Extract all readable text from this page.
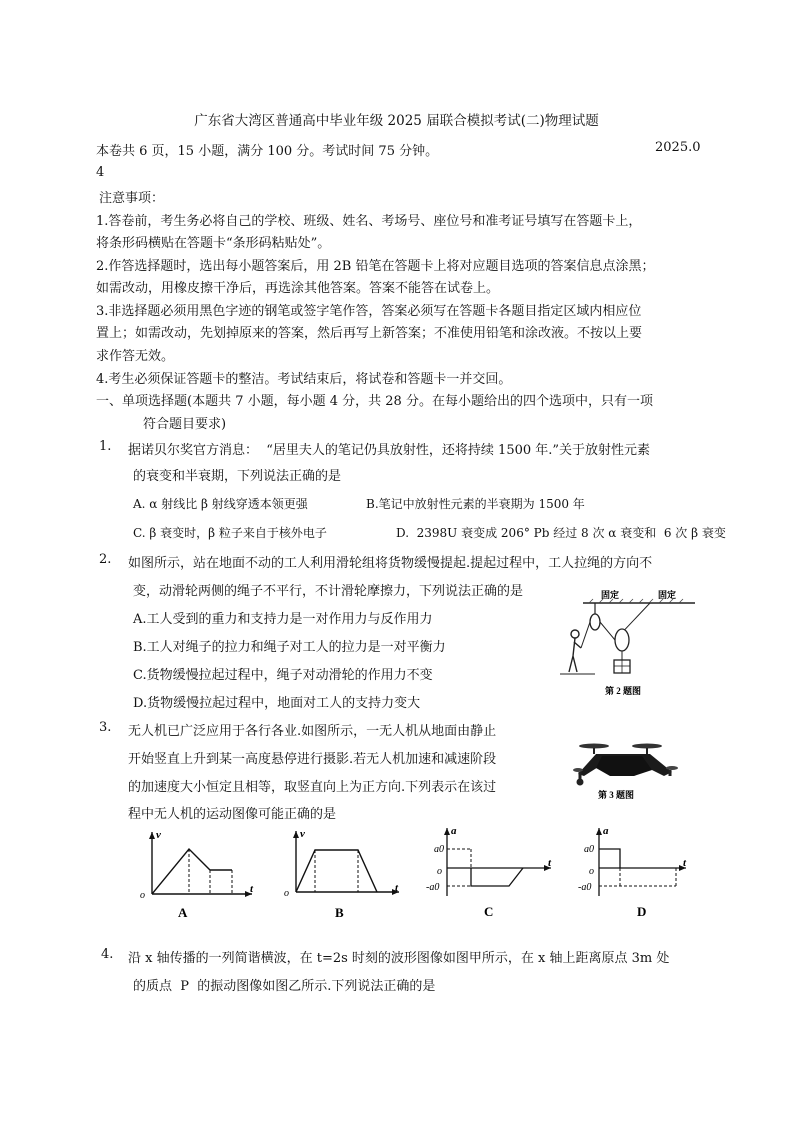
广东省大湾区普通高中毕业年级 2025 届联合模拟考试(二)物理试题
本卷共 6 页，15 小题，满分 100 分。考试时间 75 分钟。	2025.0
4
注意事项：
1.答卷前，考生务必将自己的学校、班级、姓名、考场号、座位号和准考证号填写在答题卡上，
将条形码横贴在答题卡“条形码粘贴处”。
2.作答选择题时，选出每小题答案后，用 2B 铅笔在答题卡上将对应题目选项的答案信息点涂黑；
如需改动，用橡皮擦干净后，再选涂其他答案。答案不能答在试卷上。
3.非选择题必须用黑色字迹的钢笔或签字笔作答，答案必须写在答题卡各题目指定区域内相应位
置上；如需改动，先划掉原来的答案，然后再写上新答案；不准使用铅笔和涂改液。不按以上要
求作答无效。
4.考生必须保证答题卡的整洁。考试结束后，将试卷和答题卡一并交回。
一、单项选择题(本题共 7 小题，每小题 4 分，共 28 分。在每小题给出的四个选项中，只有一项
符合题目要求)
1. 据诺贝尔奖官方消息：  “居里夫人的笔记仍具放射性，还将持续 1500 年.”关于放射性元素
的衰变和半衰期，下列说法正确的是
A. α 射线比 β 射线穿透本领更强	B.笔记中放射性元素的半衰期为 1500 年
C. β 衰变时，β 粒子来自于核外电子	D.  2398U 衰变成 206° Pb 经过 8 次 α 衰变和  6 次 β 衰变
2. 如图所示，站在地面不动的工人利用滑轮组将货物缓慢提起.提起过程中，工人拉绳的方向不
变，动滑轮两侧的绳子不平行，不计滑轮摩擦力，下列说法正确的是
A.工人受到的重力和支持力是一对作用力与反作用力
B.工人对绳子的拉力和绳子对工人的拉力是一对平衡力
C.货物缓慢拉起过程中，绳子对动滑轮的作用力不变
D.货物缓慢拉起过程中，地面对工人的支持力变大
固定	固定
第 2 题图
3. 无人机已广泛应用于各行各业.如图所示，一无人机从地面由静止
开始竖直上升到某一高度悬停进行摄影.若无人机加速和减速阶段
的加速度大小恒定且相等，取竖直向上为正方向.下列表示在该过
程中无人机的运动图像可能正确的是
第 3 题图
v
t
o
A
v
t
o
B
a
t
o
a0
-a0
C
a
t
o
a0
-a0
D
4. 沿 x 轴传播的一列简谐横波，在 t=2s 时刻的波形图像如图甲所示，在 x 轴上距离原点 3m 处
的质点  P  的振动图像如图乙所示.下列说法正确的是
